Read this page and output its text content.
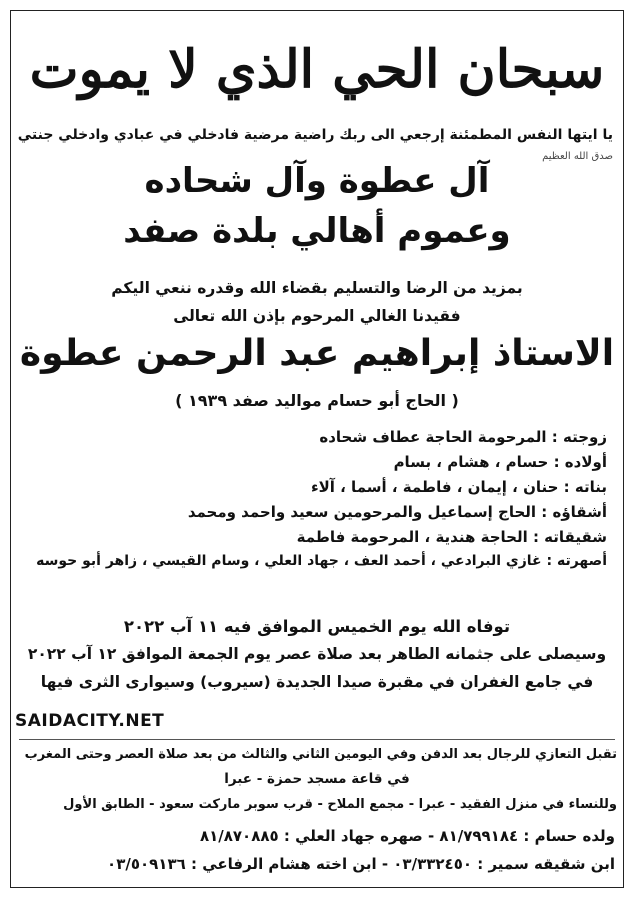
سبحان الحي الذي لا يموت
يا ايتها النفس المطمئنة إرجعي الى ربك راضية مرضية فادخلي في عبادي وادخلي جنتي
صدق الله العظيم
آل عطوة وآل شحاده
وعموم أهالي بلدة صفد
بمزيد من الرضا والتسليم بقضاء الله وقدره ننعي اليكم
فقيدنا الغالي المرحوم بإذن الله تعالى
الاستاذ إبراهيم عبد الرحمن عطوة
( الحاج أبو حسام مواليد صفد ١٩٣٩ )
زوجته : المرحومة الحاجة عطاف شحاده
أولاده : حسام ، هشام ، بسام
بناته : حنان ، إيمان ، فاطمة ، أسما ، آلاء
أشقاؤه : الحاج إسماعيل والمرحومين سعيد واحمد ومحمد
شقيقاته : الحاجة هندية ، المرحومة فاطمة
أصهرته : غازي البرادعي ، أحمد العف ، جهاد العلي ، وسام القيسي ، زاهر أبو حوسه
توفاه الله يوم الخميس الموافق فيه ١١ آب ٢٠٢٢
وسيصلى على جثمانه الطاهر بعد صلاة عصر يوم الجمعة الموافق ١٢ آب ٢٠٢٢
في جامع الغفران في مقبرة صيدا الجديدة (سيروب) وسيوارى الثرى فيها
SAIDACITY.NET
تقبل التعازي للرجال بعد الدفن وفي اليومين الثاني والثالث من بعد صلاة العصر وحتى المغرب
في قاعة مسجد حمزة - عبرا
وللنساء في منزل الفقيد - عبرا - مجمع الملاح - قرب سوبر ماركت سعود - الطابق الأول
ولده حسام : ٨١/٧٩٩١٨٤ - صهره جهاد العلي : ٨١/٨٧٠٨٨٥
ابن شقيقه سمير : ٠٣/٣٣٢٤٥٠ - ابن اخته هشام الرفاعي : ٠٣/٥٠٩١٣٦
